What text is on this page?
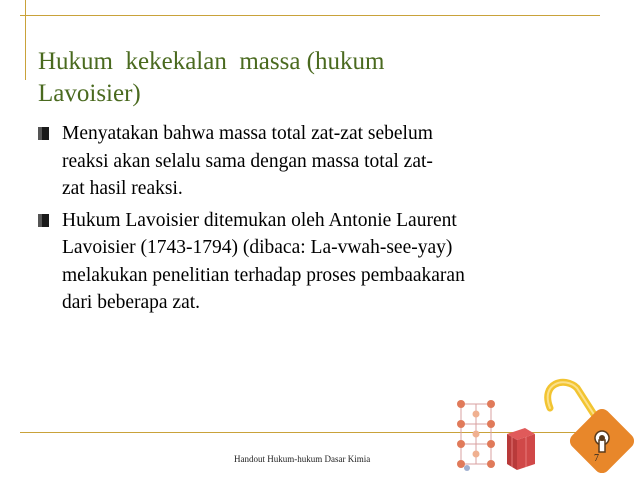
Hukum  kekekalan  massa (hukum
Lavoisier)
Menyatakan bahwa massa total zat-zat sebelum
reaksi akan selalu sama dengan massa total zat-
zat hasil reaksi.
Hukum Lavoisier ditemukan oleh Antonie Laurent
Lavoisier (1743-1794) (dibaca: La-vwah-see-yay)
melakukan penelitian terhadap proses pembaakaran
dari beberapa zat.
Handout Hukum-hukum Dasar Kimia	7
